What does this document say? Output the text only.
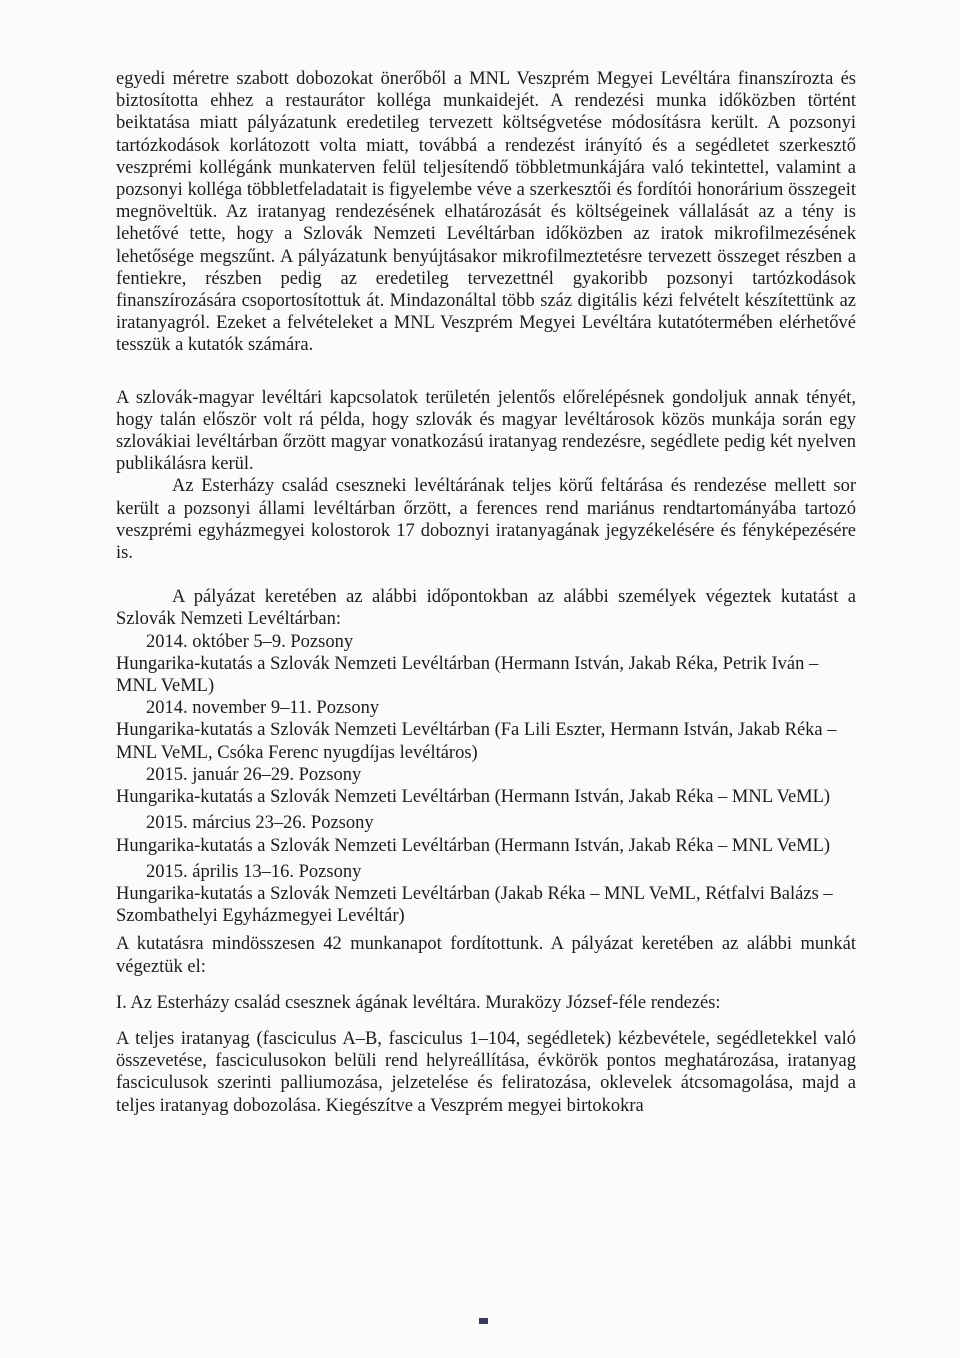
egyedi méretre szabott dobozokat önerőből a MNL Veszprém Megyei Levéltára finanszírozta és biztosította ehhez a restaurátor kolléga munkaidejét. A rendezési munka időközben történt beiktatása miatt pályázatunk eredetileg tervezett költségvetése módosításra került. A pozsonyi tartózkodások korlátozott volta miatt, továbbá a rendezést irányító és a segédletet szerkesztő veszprémi kollégánk munkaterven felül teljesítendő többletmunkájára való tekintettel, valamint a pozsonyi kolléga többletfeladatait is figyelembe véve a szerkesztői és fordítói honorárium összegeit megnöveltük. Az iratanyag rendezésének elhatározását és költségeinek vállalását az a tény is lehetővé tette, hogy a Szlovák Nemzeti Levéltárban időközben az iratok mikrofilmezésének lehetősége megszűnt. A pályázatunk benyújtásakor mikrofilmeztetésre tervezett összeget részben a fentiekre, részben pedig az eredetileg tervezettnél gyakoribb pozsonyi tartózkodások finanszírozására csoportosítottuk át. Mindazonáltal több száz digitális kézi felvételt készítettünk az iratanyagról. Ezeket a felvételeket a MNL Veszprém Megyei Levéltára kutatótermében elérhetővé tesszük a kutatók számára.

A szlovák-magyar levéltári kapcsolatok területén jelentős előrelépésnek gondoljuk annak tényét, hogy talán először volt rá példa, hogy szlovák és magyar levéltárosok közös munkája során egy szlovákiai levéltárban őrzött magyar vonatkozású iratanyag rendezésre, segédlete pedig két nyelven publikálásra kerül.

Az Esterházy család cseszneki levéltárának teljes körű feltárása és rendezése mellett sor került a pozsonyi állami levéltárban őrzött, a ferences rend mariánus rendtartományába tartozó veszprémi egyházmegyei kolostorok 17 doboznyi iratanyagának jegyzékelésére és fényképezésére is.

A pályázat keretében az alábbi időpontokban az alábbi személyek végeztek kutatást a Szlovák Nemzeti Levéltárban:

2014. október 5–9. Pozsony

Hungarika-kutatás a Szlovák Nemzeti Levéltárban (Hermann István, Jakab Réka, Petrik Iván – MNL VeML)

2014. november 9–11. Pozsony

Hungarika-kutatás a Szlovák Nemzeti Levéltárban (Fa Lili Eszter, Hermann István, Jakab Réka – MNL VeML, Csóka Ferenc nyugdíjas levéltáros)

2015. január 26–29. Pozsony

Hungarika-kutatás a Szlovák Nemzeti Levéltárban (Hermann István, Jakab Réka – MNL VeML)

2015. március 23–26. Pozsony

Hungarika-kutatás a Szlovák Nemzeti Levéltárban (Hermann István, Jakab Réka – MNL VeML)

2015. április 13–16. Pozsony

Hungarika-kutatás a Szlovák Nemzeti Levéltárban (Jakab Réka – MNL VeML, Rétfalvi Balázs – Szombathelyi Egyházmegyei Levéltár)

A kutatásra mindösszesen 42 munkanapot fordítottunk. A pályázat keretében az alábbi munkát végeztük el:

I. Az Esterházy család csesznek ágának levéltára. Muraközy József-féle rendezés:

A teljes iratanyag (fasciculus A–B, fasciculus 1–104, segédletek) kézbevétele, segédletekkel való összevetése, fasciculusokon belüli rend helyreállítása, évkörök pontos meghatározása, iratanyag fasciculusok szerinti palliumozása, jelzetelése és feliratozása, oklevelek átcsomagolása, majd a teljes iratanyag dobozolása. Kiegészítve a Veszprém megyei birtokokra
